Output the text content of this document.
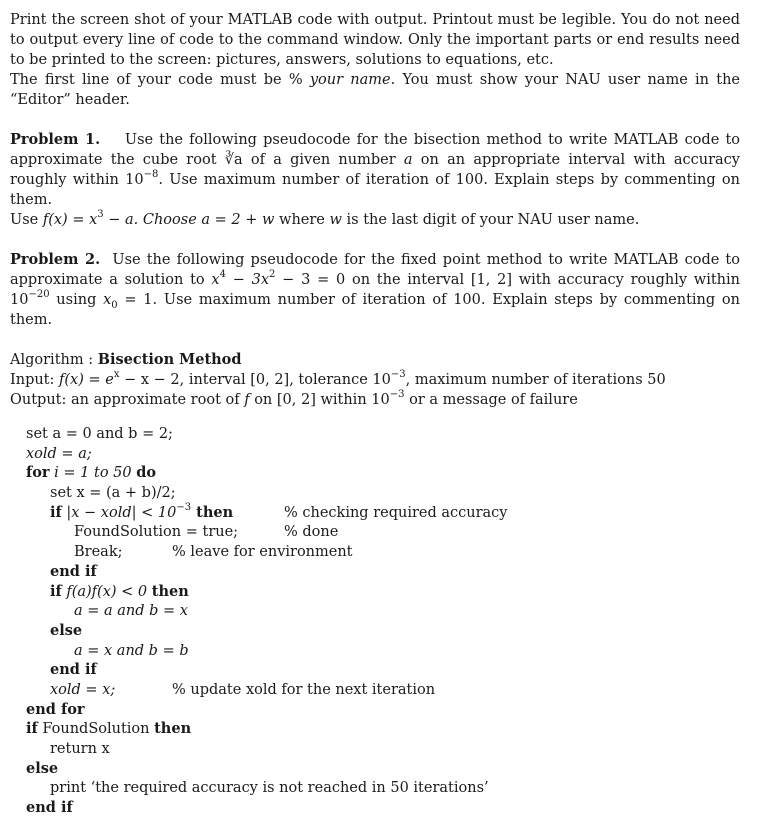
Print the screen shot of your MATLAB code with output. Printout must be legible. You do not need to output every line of code to the command window. Only the important parts or end results need to be printed to the screen: pictures, answers, solutions to equations, etc.

The first line of your code must be % your name. You must show your NAU user name in the “Editor” header.

Problem 1. Use the following pseudocode for the bisection method to write MATLAB code to approximate the cube root ∛a of a given number a on an appropriate interval with accuracy roughly within $10^{-8}$. Use maximum number of iteration of 100. Explain steps by commenting on them.
Use $f(x) = x^3 - a$. Choose a = 2 + w where w is the last digit of your NAU user name.

Problem 2. Use the following pseudocode for the fixed point method to write MATLAB code to approximate a solution to $x^4 - 3x^2 - 3 = 0$ on the interval [1, 2] with accuracy roughly within $10^{-20}$ using $x_0 = 1$. Use maximum number of iteration of 100. Explain steps by commenting on them.

Algorithm : Bisection Method

Input: $f(x) = e^x - x - 2$, interval [0, 2], tolerance $10^{-3}$, maximum number of iterations 50

Output: an approximate root of f on [0, 2] within $10^{-3}$ or a message of failure

set a = 0 and b = 2;
xold = a;
for i = 1 to 50 do
set x = (a + b)/2;
if |x − xold| < $10^{-3}$ then	% checking required accuracy
FoundSolution = true;	% done
Break;	% leave for environment
end if
if f(a)f(x) < 0 then
a = a and b = x
else
a = x and b = b
end if
xold = x;	% update xold for the next iteration
end for
if FoundSolution then
return x
else
print ‘the required accuracy is not reached in 50 iterations’
end if
